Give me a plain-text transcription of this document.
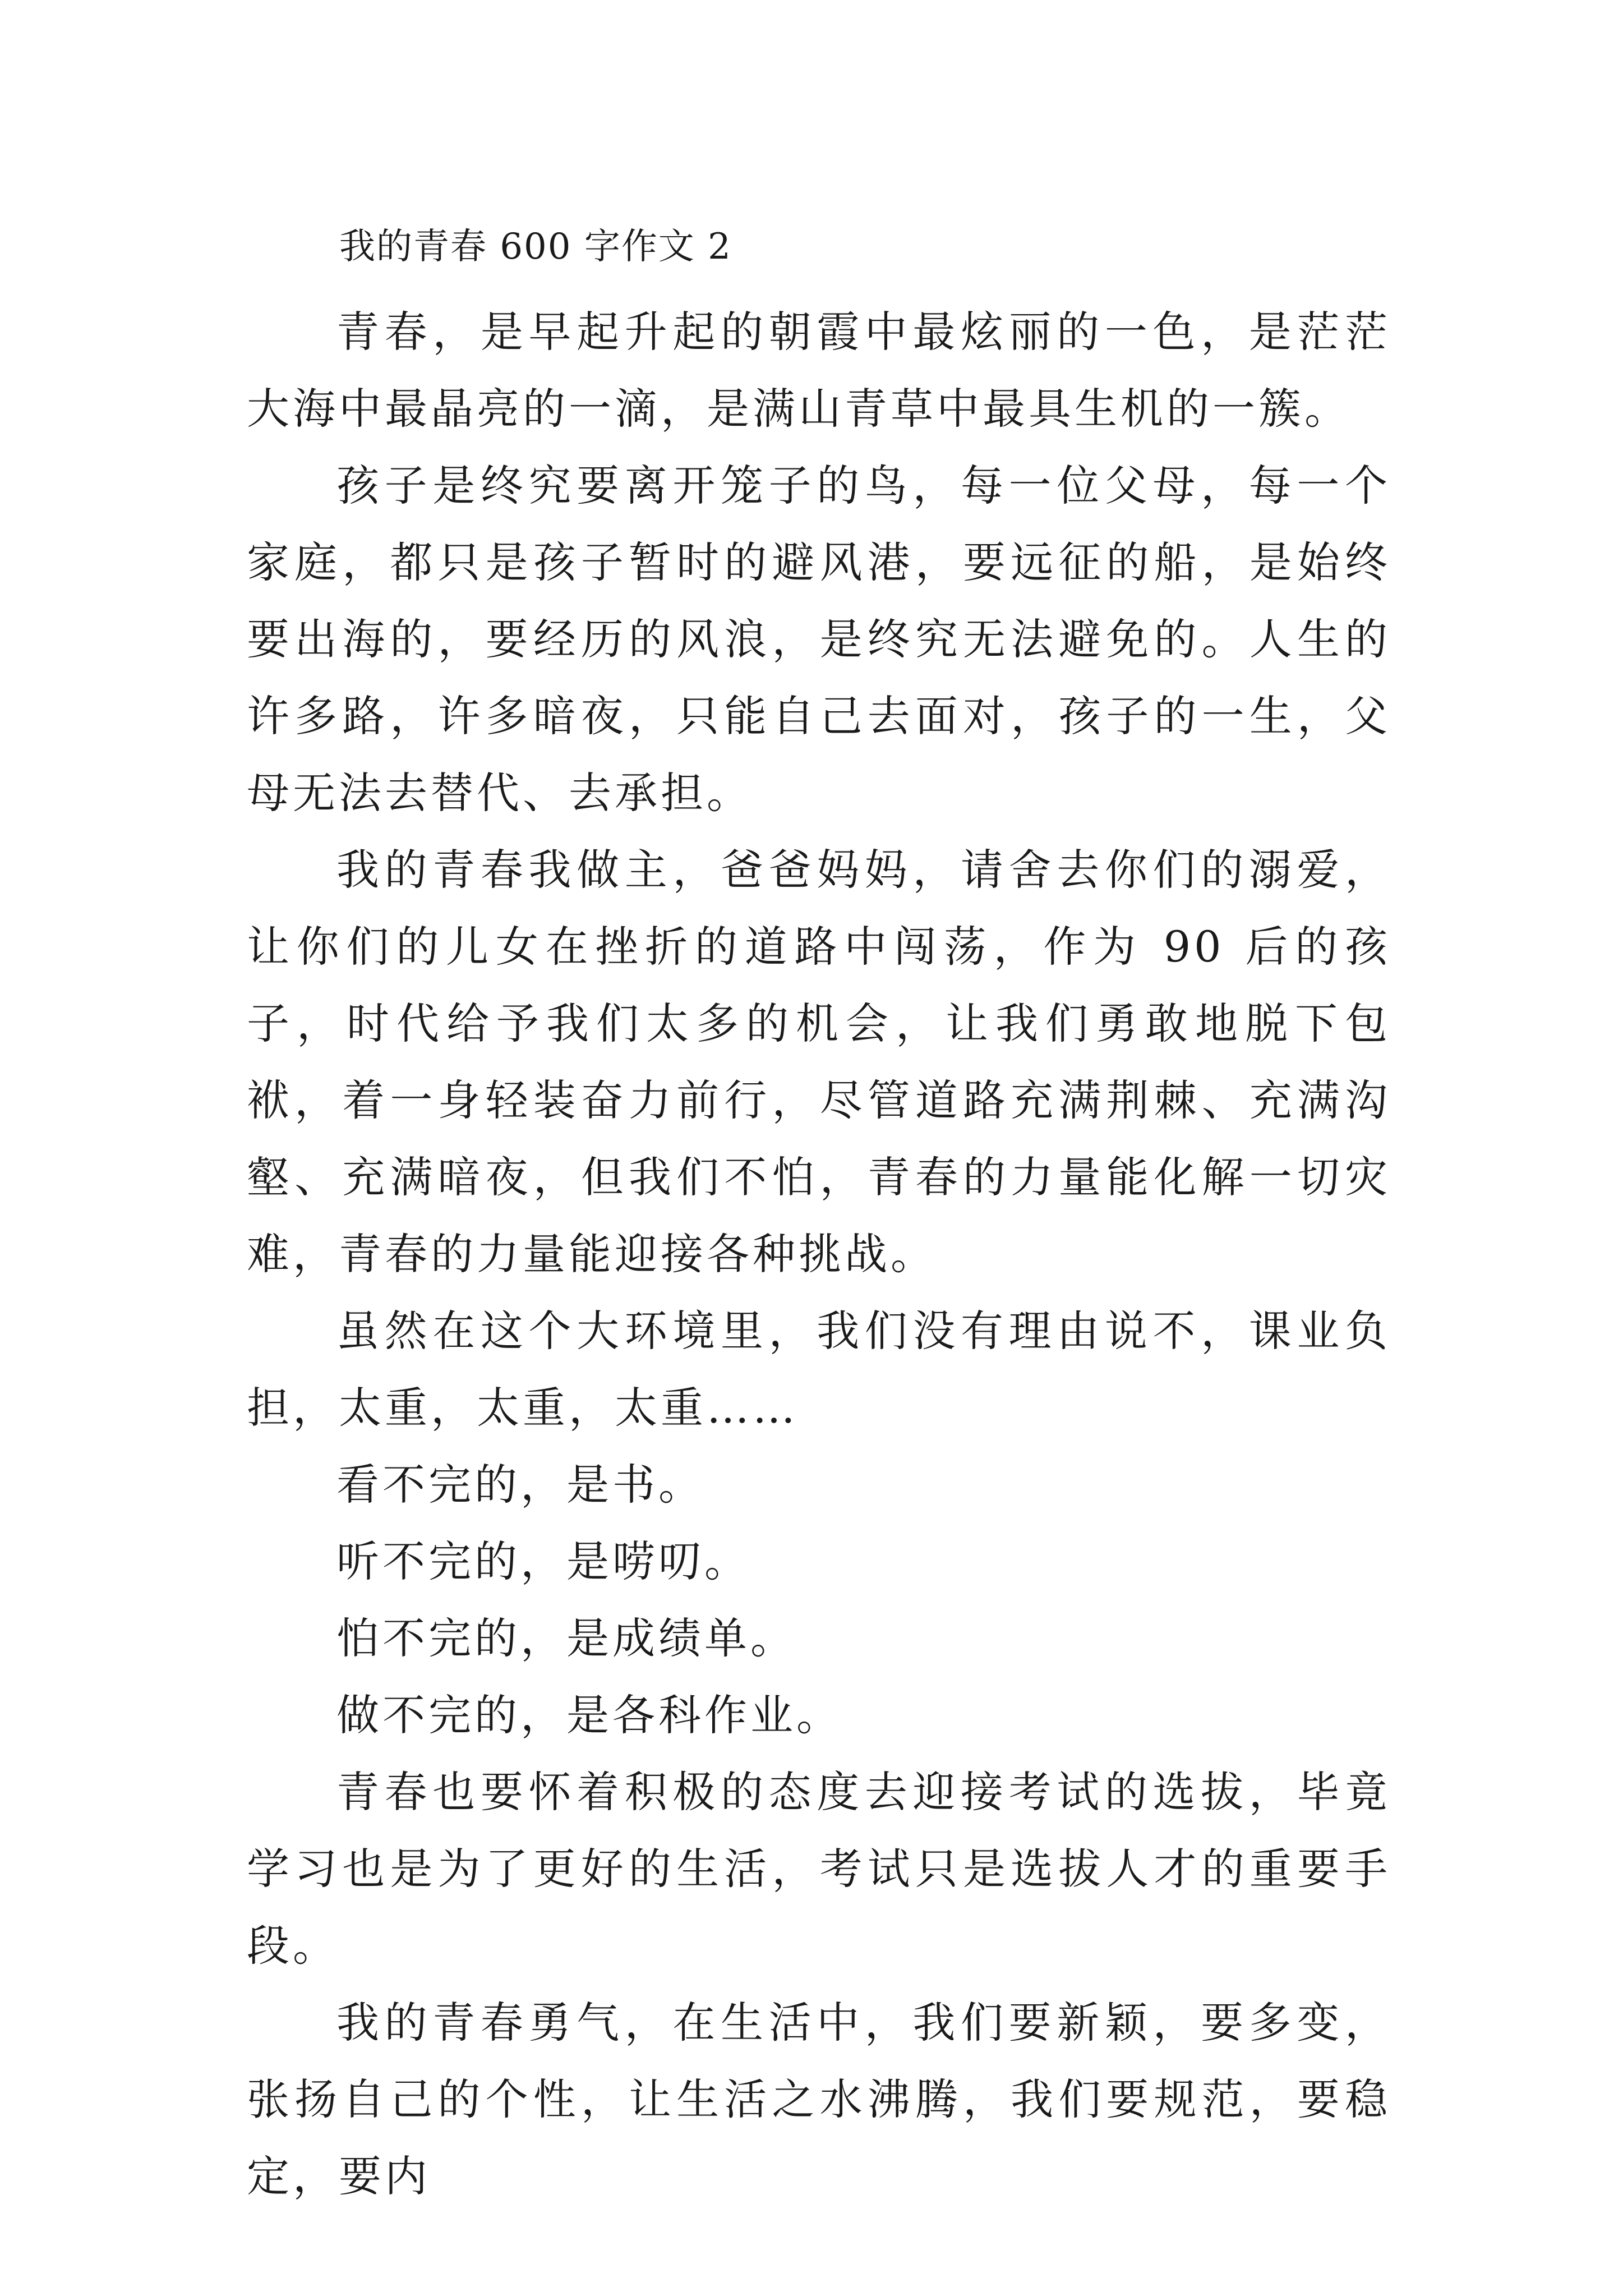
我的青春 600 字作文 2

青春，是早起升起的朝霞中最炫丽的一色，是茫茫大海中最晶亮的一滴，是满山青草中最具生机的一簇。

孩子是终究要离开笼子的鸟，每一位父母，每一个家庭，都只是孩子暂时的避风港，要远征的船，是始终要出海的，要经历的风浪，是终究无法避免的。人生的许多路，许多暗夜，只能自己去面对，孩子的一生，父母无法去替代、去承担。

我的青春我做主，爸爸妈妈，请舍去你们的溺爱，让你们的儿女在挫折的道路中闯荡，作为 90 后的孩子，时代给予我们太多的机会，让我们勇敢地脱下包袱，着一身轻装奋力前行，尽管道路充满荆棘、充满沟壑、充满暗夜，但我们不怕，青春的力量能化解一切灾难，青春的力量能迎接各种挑战。

虽然在这个大环境里，我们没有理由说不，课业负担，太重，太重，太重……

看不完的，是书。

听不完的，是唠叨。

怕不完的，是成绩单。

做不完的，是各科作业。

青春也要怀着积极的态度去迎接考试的选拔，毕竟学习也是为了更好的生活，考试只是选拔人才的重要手段。

我的青春勇气，在生活中，我们要新颖，要多变，张扬自己的个性，让生活之水沸腾，我们要规范，要稳定，要内
